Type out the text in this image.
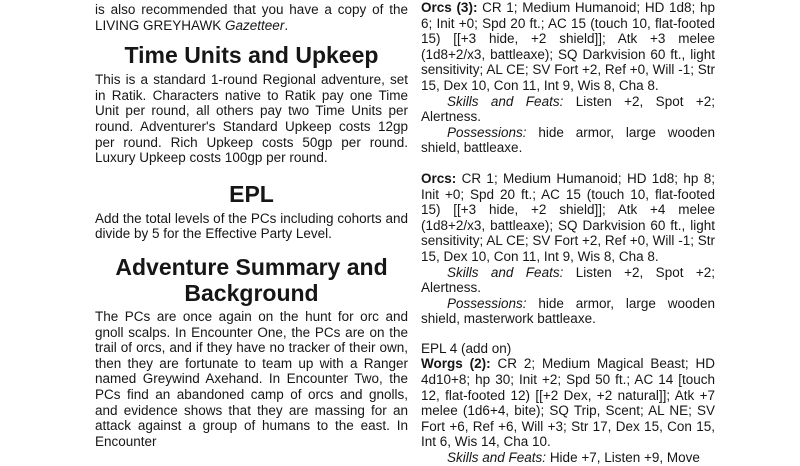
is also recommended that you have a copy of the LIVING GREYHAWK Gazetteer.

Time Units and Upkeep

This is a standard 1-round Regional adventure, set in Ratik. Characters native to Ratik pay one Time Unit per round, all others pay two Time Units per round. Adventurer's Standard Upkeep costs 12gp per round. Rich Upkeep costs 50gp per round. Luxury Upkeep costs 100gp per round.

EPL

Add the total levels of the PCs including cohorts and divide by 5 for the Effective Party Level.

Adventure Summary and Background

The PCs are once again on the hunt for orc and gnoll scalps. In Encounter One, the PCs are on the trail of orcs, and if they have no tracker of their own, then they are fortunate to team up with a Ranger named Greywind Axehand. In Encounter Two, the PCs find an abandoned camp of orcs and gnolls, and evidence shows that they are massing for an attack against a group of humans to the east. In Encounter

Orcs (3): CR 1; Medium Humanoid; HD 1d8; hp 6; Init +0; Spd 20 ft.; AC 15 (touch 10, flat-footed 15) [[+3 hide, +2 shield]]; Atk +3 melee (1d8+2/x3, battleaxe); SQ Darkvision 60 ft., light sensitivity; AL CE; SV Fort +2, Ref +0, Will -1; Str 15, Dex 10, Con 11, Int 9, Wis 8, Cha 8.

Skills and Feats: Listen +2, Spot +2; Alertness.

Possessions: hide armor, large wooden shield, battleaxe.

Orcs: CR 1; Medium Humanoid; HD 1d8; hp 8; Init +0; Spd 20 ft.; AC 15 (touch 10, flat-footed 15) [[+3 hide, +2 shield]]; Atk +4 melee (1d8+2/x3, battleaxe); SQ Darkvision 60 ft., light sensitivity; AL CE; SV Fort +2, Ref +0, Will -1; Str 15, Dex 10, Con 11, Int 9, Wis 8, Cha 8.

Skills and Feats: Listen +2, Spot +2; Alertness.

Possessions: hide armor, large wooden shield, masterwork battleaxe.

EPL 4 (add on)

Worgs (2): CR 2; Medium Magical Beast; HD 4d10+8; hp 30; Init +2; Spd 50 ft.; AC 14 [touch 12, flat-footed 12) [[+2 Dex, +2 natural]]; Atk +7 melee (1d6+4, bite); SQ Trip, Scent; AL NE; SV Fort +6, Ref +6, Will +3; Str 17, Dex 15, Con 15, Int 6, Wis 14, Cha 10.

Skills and Feats: Hide +7, Listen +9, Move
